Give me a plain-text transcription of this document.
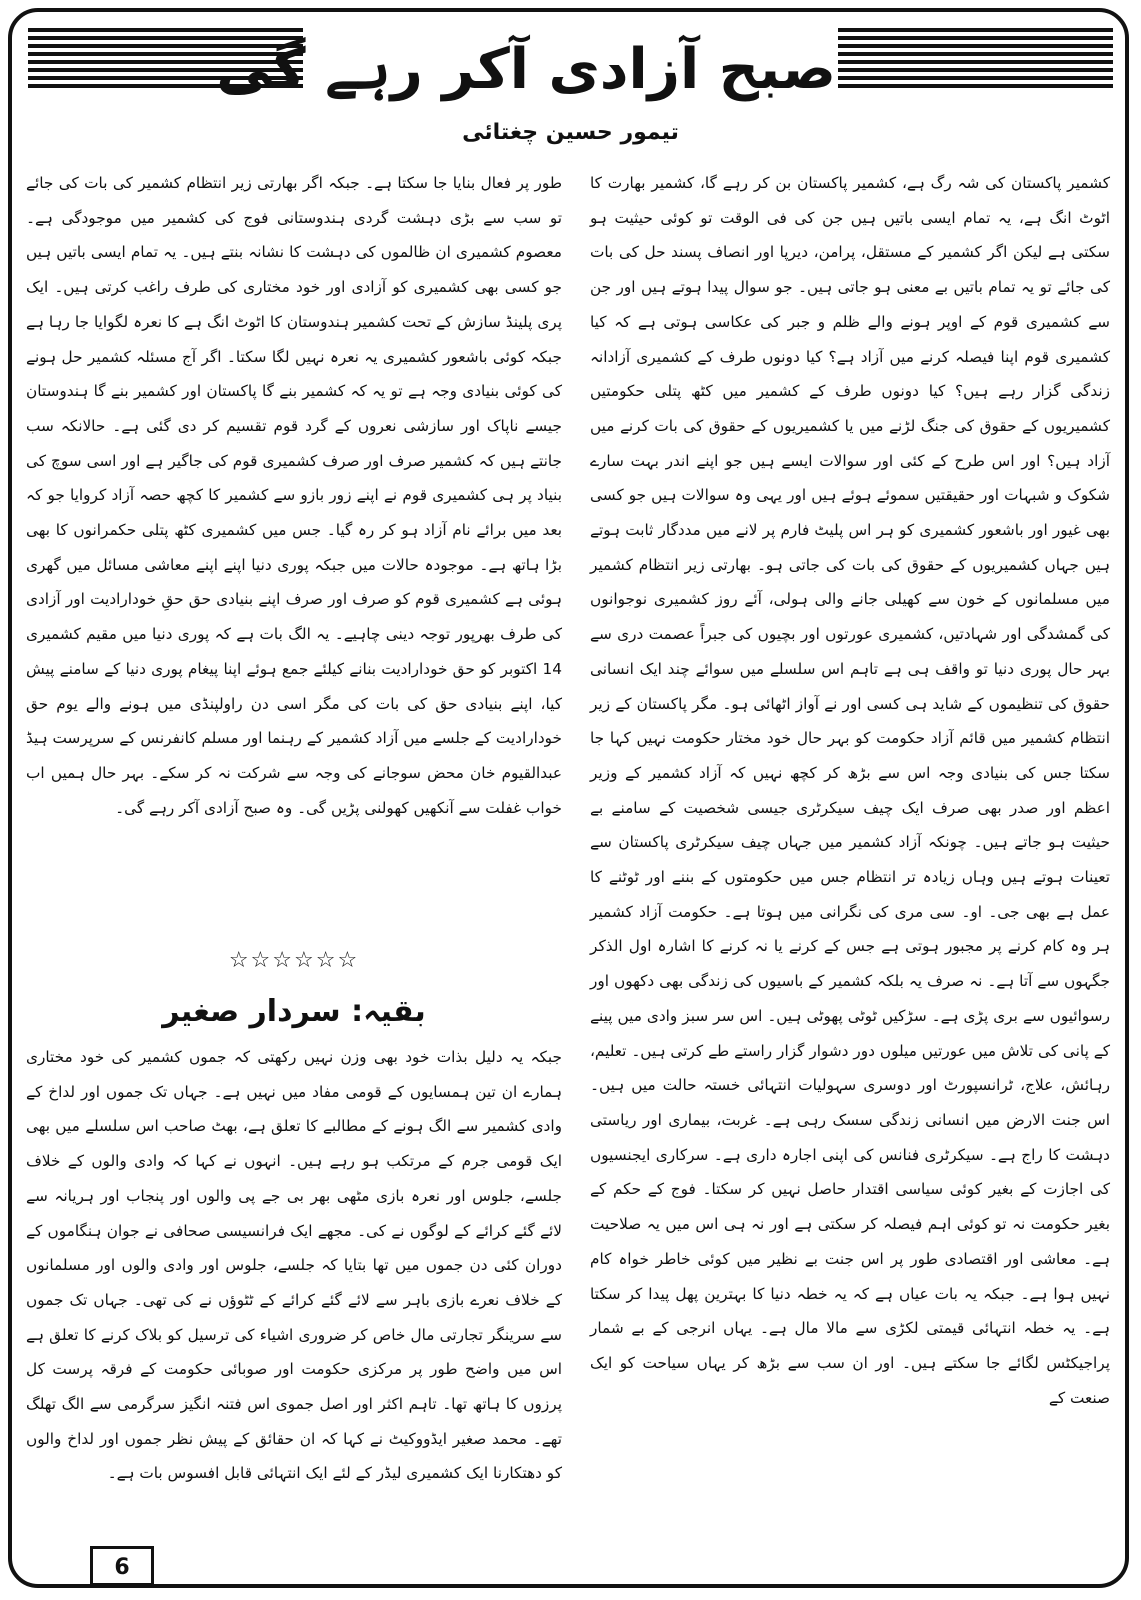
صبح آزادی آکر رہے گی
تیمور حسین چغتائی
کشمیر پاکستان کی شہ رگ ہے، کشمیر پاکستان بن کر رہے گا، کشمیر بھارت کا اٹوٹ انگ ہے، یہ تمام ایسی باتیں ہیں جن کی فی الوقت تو کوئی حیثیت ہو سکتی ہے لیکن اگر کشمیر کے مستقل، پرامن، دیرپا اور انصاف پسند حل کی بات کی جائے تو یہ تمام باتیں بے معنی ہو جاتی ہیں۔ جو سوال پیدا ہوتے ہیں اور جن سے کشمیری قوم کے اوپر ہونے والے ظلم و جبر کی عکاسی ہوتی ہے کہ کیا کشمیری قوم اپنا فیصلہ کرنے میں آزاد ہے؟ کیا دونوں طرف کے کشمیری آزادانہ زندگی گزار رہے ہیں؟ کیا دونوں طرف کے کشمیر میں کٹھ پتلی حکومتیں کشمیریوں کے حقوق کی جنگ لڑنے میں یا کشمیریوں کے حقوق کی بات کرنے میں آزاد ہیں؟ اور اس طرح کے کئی اور سوالات ایسے ہیں جو اپنے اندر بہت سارے شکوک و شبہات اور حقیقتیں سموئے ہوئے ہیں اور یہی وہ سوالات ہیں جو کسی بھی غیور اور باشعور کشمیری کو ہر اس پلیٹ فارم پر لانے میں مددگار ثابت ہوتے ہیں جہاں کشمیریوں کے حقوق کی بات کی جاتی ہو۔ بھارتی زیر انتظام کشمیر میں مسلمانوں کے خون سے کھیلی جانے والی ہولی، آئے روز کشمیری نوجوانوں کی گمشدگی اور شہادتیں، کشمیری عورتوں اور بچیوں کی جبراً عصمت دری سے بہر حال پوری دنیا تو واقف ہی ہے تاہم اس سلسلے میں سوائے چند ایک انسانی حقوق کی تنظیموں کے شاید ہی کسی اور نے آواز اٹھائی ہو۔ مگر پاکستان کے زیر انتظام کشمیر میں قائم آزاد حکومت کو بہر حال خود مختار حکومت نہیں کہا جا سکتا جس کی بنیادی وجہ اس سے بڑھ کر کچھ نہیں کہ آزاد کشمیر کے وزیر اعظم اور صدر بھی صرف ایک چیف سیکرٹری جیسی شخصیت کے سامنے بے حیثیت ہو جاتے ہیں۔ چونکہ آزاد کشمیر میں جہاں چیف سیکرٹری پاکستان سے تعینات ہوتے ہیں وہاں زیادہ تر انتظام جس میں حکومتوں کے بننے اور ٹوٹنے کا عمل ہے بھی جی۔ او۔ سی مری کی نگرانی میں ہوتا ہے۔ حکومت آزاد کشمیر ہر وہ کام کرنے پر مجبور ہوتی ہے جس کے کرنے یا نہ کرنے کا اشارہ اول الذکر جگہوں سے آتا ہے۔ نہ صرف یہ بلکہ کشمیر کے باسیوں کی زندگی بھی دکھوں اور رسوائیوں سے بری پڑی ہے۔ سڑکیں ٹوٹی پھوٹی ہیں۔ اس سر سبز وادی میں پینے کے پانی کی تلاش میں عورتیں میلوں دور دشوار گزار راستے طے کرتی ہیں۔ تعلیم، رہائش، علاج، ٹرانسپورٹ اور دوسری سہولیات انتہائی خستہ حالت میں ہیں۔ اس جنت الارض میں انسانی زندگی سسک رہی ہے۔ غربت، بیماری اور ریاستی دہشت کا راج ہے۔ سیکرٹری فنانس کی اپنی اجارہ داری ہے۔ سرکاری ایجنسیوں کی اجازت کے بغیر کوئی سیاسی اقتدار حاصل نہیں کر سکتا۔ فوج کے حکم کے بغیر حکومت نہ تو کوئی اہم فیصلہ کر سکتی ہے اور نہ ہی اس میں یہ صلاحیت ہے۔ معاشی اور اقتصادی طور پر اس جنت بے نظیر میں کوئی خاطر خواہ کام نہیں ہوا ہے۔ جبکہ یہ بات عیاں ہے کہ یہ خطہ دنیا کا بہترین پھل پیدا کر سکتا ہے۔ یہ خطہ انتہائی قیمتی لکڑی سے مالا مال ہے۔ یہاں انرجی کے بے شمار پراجیکٹس لگائے جا سکتے ہیں۔ اور ان سب سے بڑھ کر یہاں سیاحت کو ایک صنعت کے
طور پر فعال بنایا جا سکتا ہے۔ جبکہ اگر بھارتی زیر انتظام کشمیر کی بات کی جائے تو سب سے بڑی دہشت گردی ہندوستانی فوج کی کشمیر میں موجودگی ہے۔ معصوم کشمیری ان ظالموں کی دہشت کا نشانہ بنتے ہیں۔ یہ تمام ایسی باتیں ہیں جو کسی بھی کشمیری کو آزادی اور خود مختاری کی طرف راغب کرتی ہیں۔ ایک پری پلینڈ سازش کے تحت کشمیر ہندوستان کا اٹوٹ انگ ہے کا نعرہ لگوایا جا رہا ہے جبکہ کوئی باشعور کشمیری یہ نعرہ نہیں لگا سکتا۔ اگر آج مسئلہ کشمیر حل ہونے کی کوئی بنیادی وجہ ہے تو یہ کہ کشمیر بنے گا پاکستان اور کشمیر بنے گا ہندوستان جیسے ناپاک اور سازشی نعروں کے گرد قوم تقسیم کر دی گئی ہے۔ حالانکہ سب جانتے ہیں کہ کشمیر صرف اور صرف کشمیری قوم کی جاگیر ہے اور اسی سوچ کی بنیاد پر ہی کشمیری قوم نے اپنے زور بازو سے کشمیر کا کچھ حصہ آزاد کروایا جو کہ بعد میں برائے نام آزاد ہو کر رہ گیا۔ جس میں کشمیری کٹھ پتلی حکمرانوں کا بھی بڑا ہاتھ ہے۔ موجودہ حالات میں جبکہ پوری دنیا اپنے اپنے معاشی مسائل میں گھری ہوئی ہے کشمیری قوم کو صرف اور صرف اپنے بنیادی حق حقِ خودارادیت اور آزادی کی طرف بھرپور توجہ دینی چاہیے۔ یہ الگ بات ہے کہ پوری دنیا میں مقیم کشمیری 14 اکتوبر کو حق خودارادیت بنانے کیلئے جمع ہوئے اپنا پیغام پوری دنیا کے سامنے پیش کیا، اپنے بنیادی حق کی بات کی مگر اسی دن راولپنڈی میں ہونے والے یوم حق خودارادیت کے جلسے میں آزاد کشمیر کے رہنما اور مسلم کانفرنس کے سرپرست ہیڈ عبدالقیوم خان محض سوجانے کی وجہ سے شرکت نہ کر سکے۔ بہر حال ہمیں اب خواب غفلت سے آنکھیں کھولنی پڑیں گی۔ وہ صبح آزادی آکر رہے گی۔
☆☆☆☆☆☆
بقیہ: سردار صغیر
جبکہ یہ دلیل بذات خود بھی وزن نہیں رکھتی کہ جموں کشمیر کی خود مختاری ہمارے ان تین ہمسایوں کے قومی مفاد میں نہیں ہے۔ جہاں تک جموں اور لداخ کے وادی کشمیر سے الگ ہونے کے مطالبے کا تعلق ہے، بھٹ صاحب اس سلسلے میں بھی ایک قومی جرم کے مرتکب ہو رہے ہیں۔ انہوں نے کہا کہ وادی والوں کے خلاف جلسے، جلوس اور نعرہ بازی مٹھی بھر بی جے پی والوں اور پنجاب اور ہریانہ سے لائے گئے کرائے کے لوگوں نے کی۔ مجھے ایک فرانسیسی صحافی نے جوان ہنگاموں کے دوران کئی دن جموں میں تھا بتایا کہ جلسے، جلوس اور وادی والوں اور مسلمانوں کے خلاف نعرے بازی باہر سے لائے گئے کرائے کے ٹٹوؤں نے کی تھی۔ جہاں تک جموں سے سرینگر تجارتی مال خاص کر ضروری اشیاء کی ترسیل کو بلاک کرنے کا تعلق ہے اس میں واضح طور پر مرکزی حکومت اور صوبائی حکومت کے فرقہ پرست کل پرزوں کا ہاتھ تھا۔ تاہم اکثر اور اصل جموی اس فتنہ انگیز سرگرمی سے الگ تھلگ تھے۔ محمد صغیر ایڈووکیٹ نے کہا کہ ان حقائق کے پیش نظر جموں اور لداخ والوں کو دھتکارنا ایک کشمیری لیڈر کے لئے ایک انتہائی قابل افسوس بات ہے۔
6
